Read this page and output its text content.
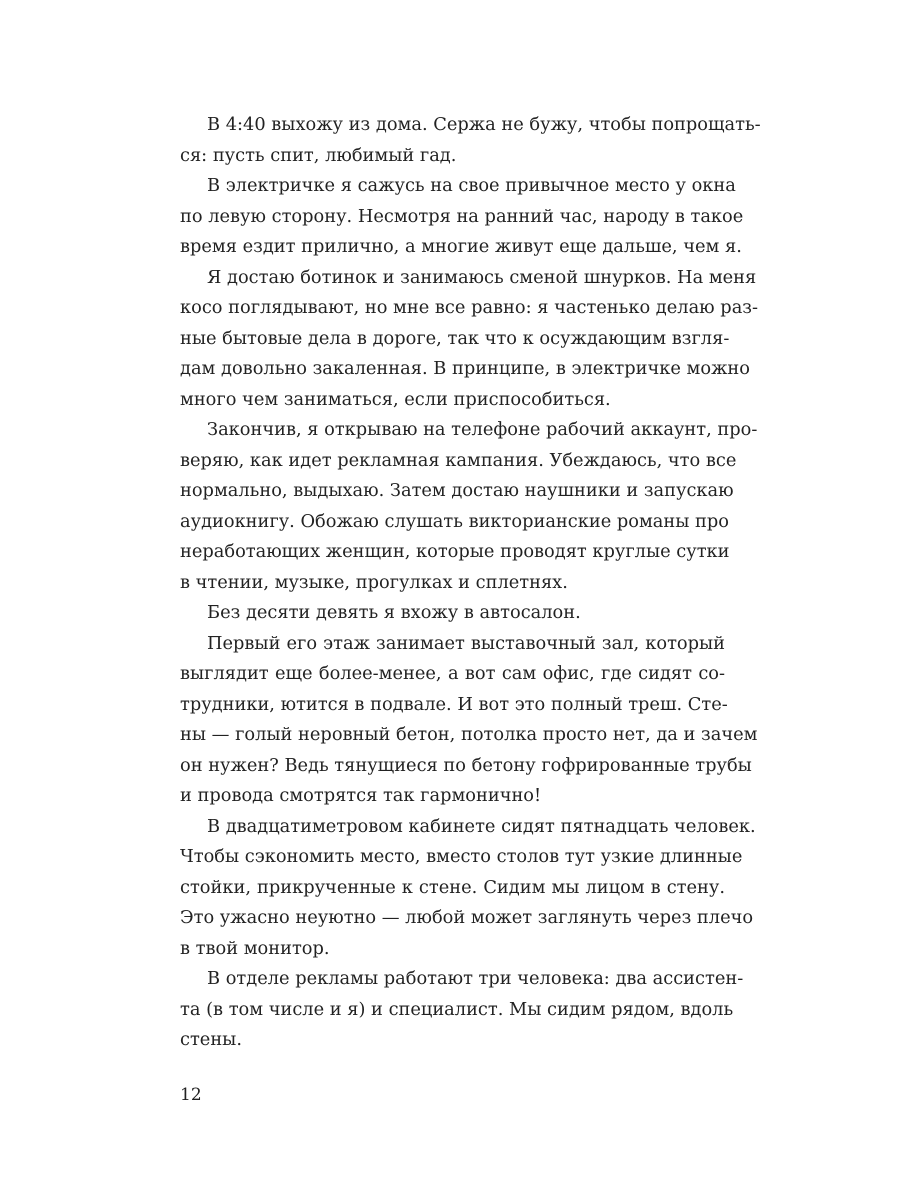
В 4:40 выхожу из дома. Сержа не бужу, чтобы попрощать-
ся: пусть спит, любимый гад.
В электричке я сажусь на свое привычное место у окна
по левую сторону. Несмотря на ранний час, народу в такое
время ездит прилично, а многие живут еще дальше, чем я.
Я достаю ботинок и занимаюсь сменой шнурков. На меня
косо поглядывают, но мне все равно: я частенько делаю раз-
ные бытовые дела в дороге, так что к осуждающим взгля-
дам довольно закаленная. В принципе, в электричке можно
много чем заниматься, если приспособиться.
Закончив, я открываю на телефоне рабочий аккаунт, про-
веряю, как идет рекламная кампания. Убеждаюсь, что все
нормально, выдыхаю. Затем достаю наушники и запускаю
аудиокнигу. Обожаю слушать викторианские романы про
неработающих женщин, которые проводят круглые сутки
в чтении, музыке, прогулках и сплетнях.
Без десяти девять я вхожу в автосалон.
Первый его этаж занимает выставочный зал, который
выглядит еще более-менее, а вот сам офис, где сидят со-
трудники, ютится в подвале. И вот это полный треш. Сте-
ны — голый неровный бетон, потолка просто нет, да и зачем
он нужен? Ведь тянущиеся по бетону гофрированные трубы
и провода смотрятся так гармонично!
В двадцатиметровом кабинете сидят пятнадцать человек.
Чтобы сэкономить место, вместо столов тут узкие длинные
стойки, прикрученные к стене. Сидим мы лицом в стену.
Это ужасно неуютно — любой может заглянуть через плечо
в твой монитор.
В отделе рекламы работают три человека: два ассистен-
та (в том числе и я) и специалист. Мы сидим рядом, вдоль
стены.
12
